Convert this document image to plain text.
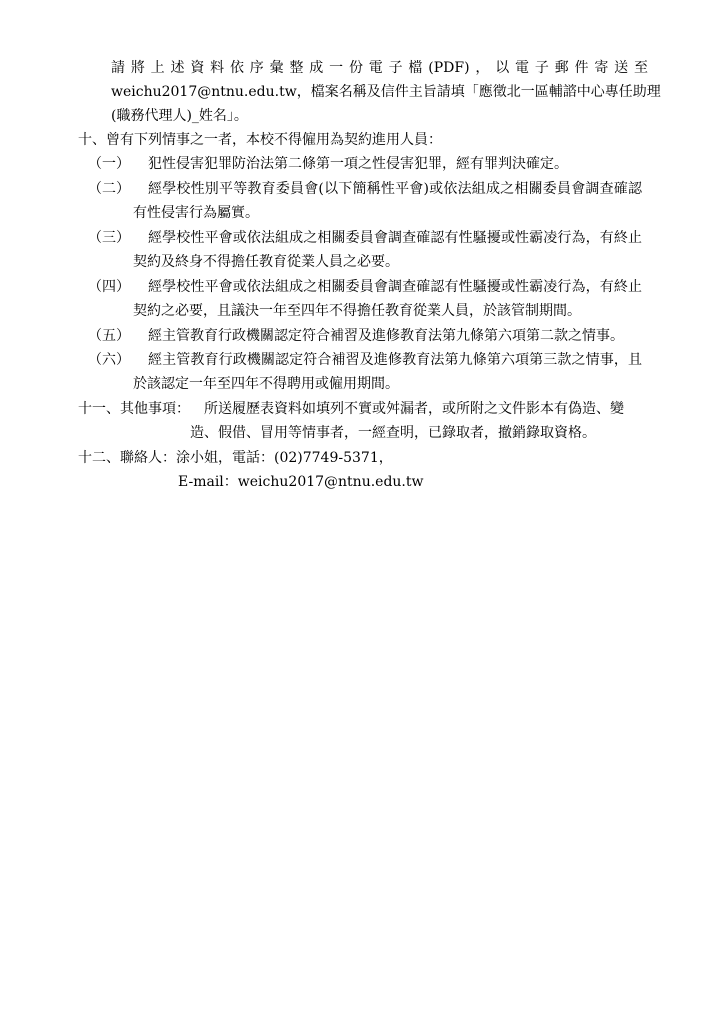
請將上述資料依序彙整成一份電子檔(PDF)，以電子郵件寄送至
weichu2017@ntnu.edu.tw，檔案名稱及信件主旨請填「應徵北一區輔諮中心專任助理
(職務代理人)_姓名」。
十、曾有下列情事之一者，本校不得僱用為契約進用人員：
（一） 犯性侵害犯罪防治法第二條第一項之性侵害犯罪，經有罪判決確定。
（二） 經學校性別平等教育委員會(以下簡稱性平會)或依法組成之相關委員會調查確認
有性侵害行為屬實。
（三） 經學校性平會或依法組成之相關委員會調查確認有性騷擾或性霸凌行為，有終止
契約及終身不得擔任教育從業人員之必要。
（四） 經學校性平會或依法組成之相關委員會調查確認有性騷擾或性霸凌行為，有終止
契約之必要，且議決一年至四年不得擔任教育從業人員，於該管制期間。
（五） 經主管教育行政機關認定符合補習及進修教育法第九條第六項第二款之情事。
（六） 經主管教育行政機關認定符合補習及進修教育法第九條第六項第三款之情事，且
於該認定一年至四年不得聘用或僱用期間。
十一、其他事項： 所送履歷表資料如填列不實或舛漏者，或所附之文件影本有偽造、變
造、假借、冒用等情事者，一經查明，已錄取者，撤銷錄取資格。
十二、聯絡人： 涂小姐，電話：(02)7749-5371，
E-mail：weichu2017@ntnu.edu.tw
